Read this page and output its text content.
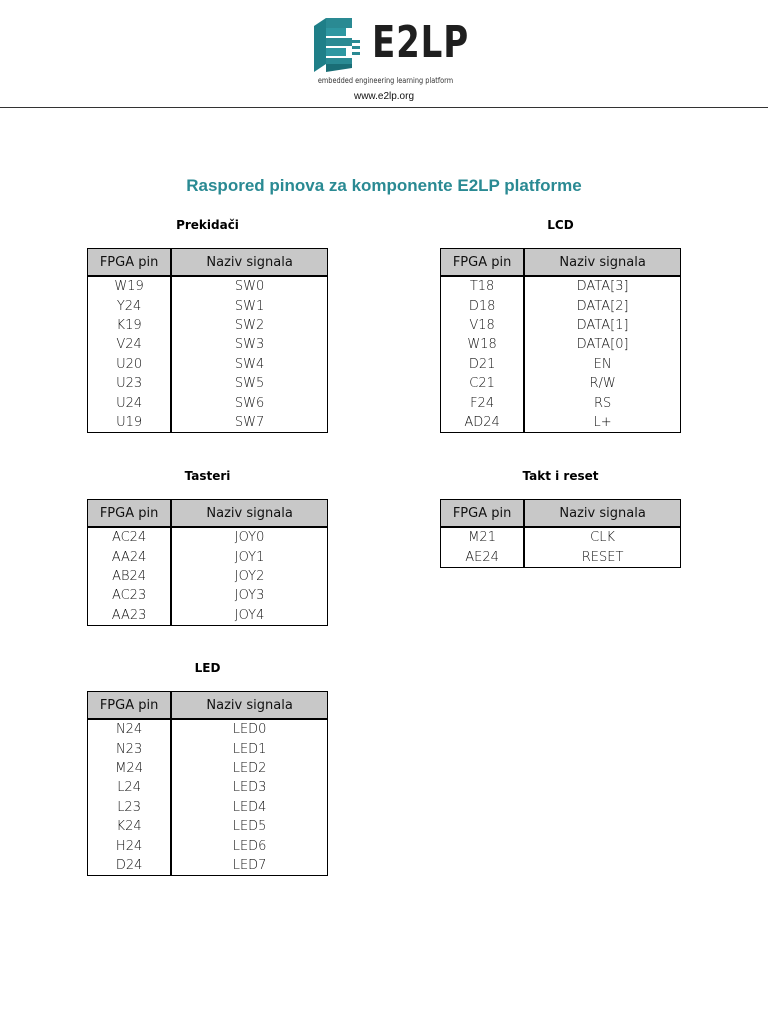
E2LP
embedded engineering learning platform
www.e2lp.org
Raspored pinova za komponente E2LP platforme
Prekidači
FPGA pin	Naziv signala
W19	SW0
Y24	SW1
K19	SW2
V24	SW3
U20	SW4
U23	SW5
U24	SW6
U19	SW7
LCD
FPGA pin	Naziv signala
T18	DATA[3]
D18	DATA[2]
V18	DATA[1]
W18	DATA[0]
D21	EN
C21	R/W
F24	RS
AD24	L+
Tasteri
FPGA pin	Naziv signala
AC24	JOY0
AA24	JOY1
AB24	JOY2
AC23	JOY3
AA23	JOY4
Takt i reset
FPGA pin	Naziv signala
M21	CLK
AE24	RESET
LED
FPGA pin	Naziv signala
N24	LED0
N23	LED1
M24	LED2
L24	LED3
L23	LED4
K24	LED5
H24	LED6
D24	LED7
